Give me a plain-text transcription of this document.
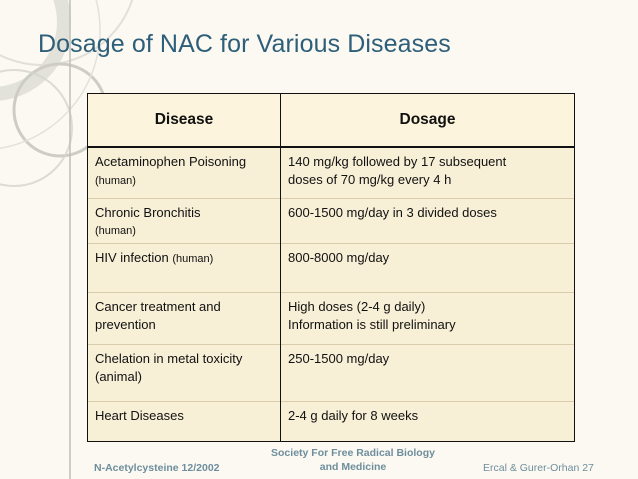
Dosage of NAC for Various Diseases
Disease	Dosage
Acetaminophen Poisoning (human)	140 mg/kg followed by 17 subsequent
doses of 70 mg/kg every 4 h

Chronic Bronchitis
(human)	600-1500 mg/day in 3 divided doses

HIV infection (human)	800-8000 mg/day

Cancer treatment and prevention	High doses (2-4 g daily)
Information is still preliminary

Chelation in metal toxicity (animal)	250-1500 mg/day

Heart Diseases	2-4 g daily for 8 weeks
N-Acetylcysteine 12/2002
Society For Free Radical Biology
and Medicine	Ercal & Gurer-Orhan 27
